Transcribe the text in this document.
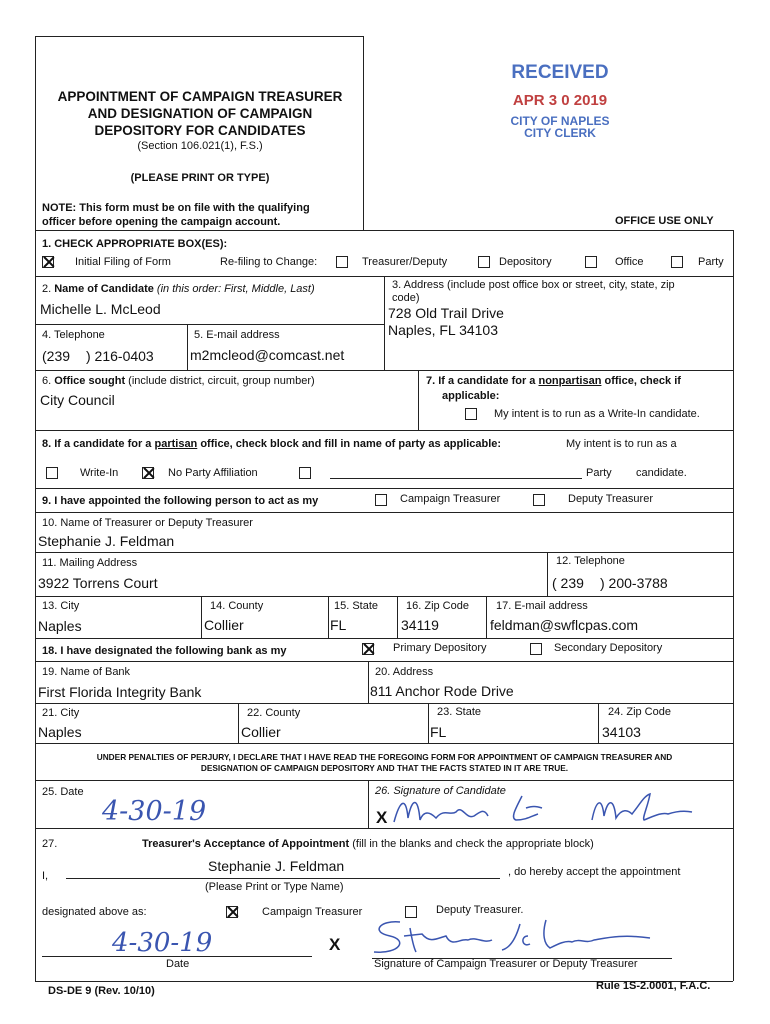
APPOINTMENT OF CAMPAIGN TREASURER
AND DESIGNATION OF CAMPAIGN
DEPOSITORY FOR CANDIDATES
(Section 106.021(1), F.S.)
(PLEASE PRINT OR TYPE)
NOTE: This form must be on file with the qualifying
officer before opening the campaign account.	OFFICE USE ONLY
RECEIVED
APR 3 0 2019
CITY OF NAPLES
CITY CLERK
1. CHECK APPROPRIATE BOX(ES):
Initial Filing of Form	Re-filing to Change:	Treasurer/Deputy	Depository	Office	Party
2. Name of Candidate (in this order: First, Middle, Last)
Michelle L. McLeod
3. Address (include post office box or street, city, state, zip
code)
728 Old Trail Drive
Naples, FL 34103
4. Telephone
(239 ) 216-0403
5. E-mail address
m2mcleod@comcast.net
6. Office sought (include district, circuit, group number)
City Council
7. If a candidate for a nonpartisan office, check if
applicable:
My intent is to run as a Write-In candidate.
8. If a candidate for a partisan office, check block and fill in name of party as applicable:	My intent is to run as a
Write-In	No Party Affiliation	Party candidate.
9. I have appointed the following person to act as my	Campaign Treasurer	Deputy Treasurer
10. Name of Treasurer or Deputy Treasurer
Stephanie J. Feldman
11. Mailing Address
3922 Torrens Court
12. Telephone
( 239 ) 200-3788
13. City
Naples
14. County
Collier
15. State
FL
16. Zip Code
34119
17. E-mail address
feldman@swflcpas.com
18. I have designated the following bank as my	Primary Depository	Secondary Depository
19. Name of Bank
First Florida Integrity Bank
20. Address
811 Anchor Rode Drive
21. City
Naples
22. County
Collier
23. State
FL
24. Zip Code
34103
UNDER PENALTIES OF PERJURY, I DECLARE THAT I HAVE READ THE FOREGOING FORM FOR APPOINTMENT OF CAMPAIGN TREASURER AND
DESIGNATION OF CAMPAIGN DEPOSITORY AND THAT THE FACTS STATED IN IT ARE TRUE.
25. Date
4-30-19
26. Signature of Candidate
X
27.	Treasurer's Acceptance of Appointment (fill in the blanks and check the appropriate block)
I,
Stephanie J. Feldman	, do hereby accept the appointment
(Please Print or Type Name)
designated above as:	Campaign Treasurer	Deputy Treasurer.
4-30-19
Date
X
Signature of Campaign Treasurer or Deputy Treasurer
DS-DE 9 (Rev. 10/10)	Rule 1S-2.0001, F.A.C.
